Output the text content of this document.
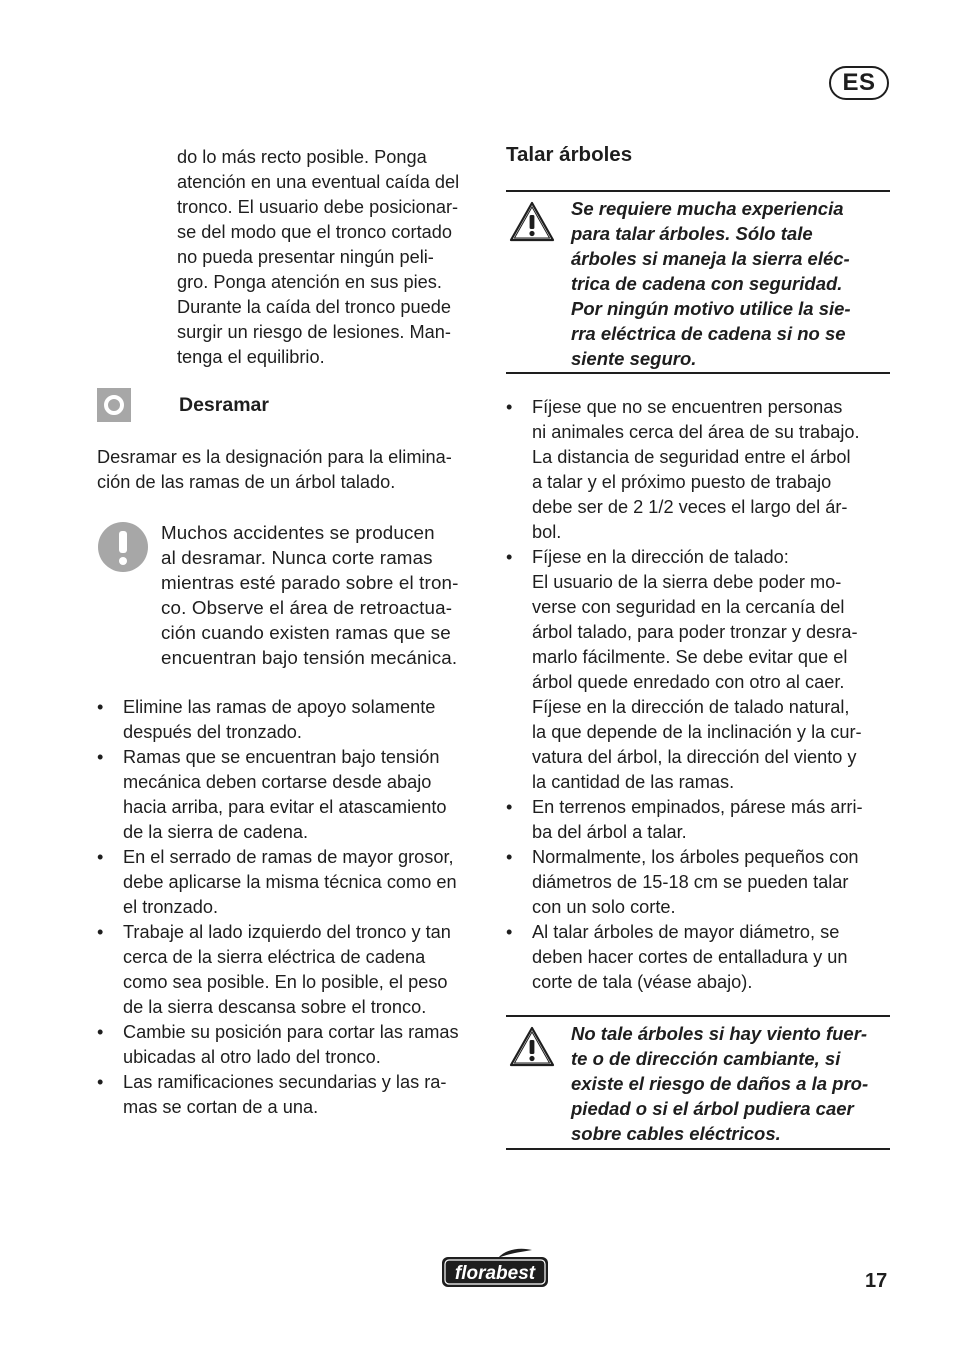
ES
do lo más recto posible. Ponga
atención en una eventual caída del
tronco. El usuario debe posicionar-
se del modo que el tronco cortado
no pueda presentar ningún peli-
gro. Ponga atención en sus pies.
Durante la caída del tronco puede
surgir un riesgo de lesiones. Man-
tenga el equilibrio.
Desramar
Desramar es la designación para la elimina-
ción de las ramas de un árbol talado.
Muchos accidentes se producen
al desramar. Nunca corte ramas
mientras esté parado sobre el tron-
co. Observe el área de retroactua-
ción cuando existen ramas que se
encuentran bajo tensión mecánica.
• Elimine las ramas de apoyo solamente
después del tronzado.
• Ramas que se encuentran bajo tensión
mecánica deben cortarse desde abajo
hacia arriba, para evitar el atascamiento
de la sierra de cadena.
• En el serrado de ramas de mayor grosor,
debe aplicarse la misma técnica como en
el tronzado.
• Trabaje al lado izquierdo del tronco y tan
cerca de la sierra eléctrica de cadena
como sea posible. En lo posible, el peso
de la sierra descansa sobre el tronco.
• Cambie su posición para cortar las ramas
ubicadas al otro lado del tronco.
• Las ramificaciones secundarias y las ra-
mas se cortan de a una.
Talar árboles
Se requiere mucha experiencia
para talar árboles. Sólo tale
árboles si maneja la sierra eléc-
trica de cadena con seguridad.
Por ningún motivo utilice la sie-
rra eléctrica de cadena si no se
siente seguro.
• Fíjese que no se encuentren personas
ni animales cerca del área de su trabajo.
La distancia de seguridad entre el árbol
a talar y el próximo puesto de trabajo
debe ser de 2 1/2 veces el largo del ár-
bol.
• Fíjese en la dirección de talado:
El usuario de la sierra debe poder mo-
verse con seguridad en la cercanía del
árbol talado, para poder tronzar y desra-
marlo fácilmente. Se debe evitar que el
árbol quede enredado con otro al caer.
Fíjese en la dirección de talado natural,
la que depende de la inclinación y la cur-
vatura del árbol, la dirección del viento y
la cantidad de las ramas.
• En terrenos empinados, párese más arri-
ba del árbol a talar.
• Normalmente, los árboles pequeños con
diámetros de 15-18 cm se pueden talar
con un solo corte.
• Al talar árboles de mayor diámetro, se
deben hacer cortes de entalladura y un
corte de tala (véase abajo).
No tale árboles si hay viento fuer-
te o de dirección cambiante, si
existe el riesgo de daños a la pro-
piedad o si el árbol pudiera caer
sobre cables eléctricos.
florabest	17
